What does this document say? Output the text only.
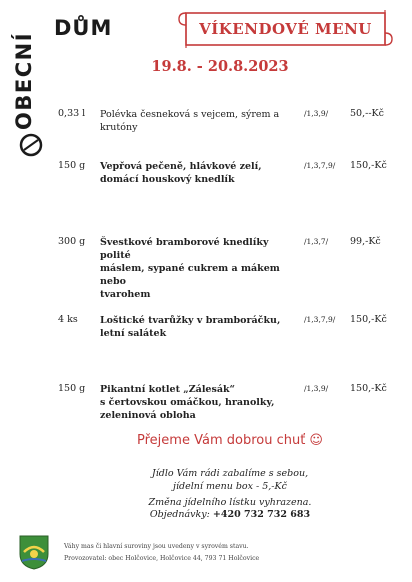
OBECNÍ
DŮM	VÍKENDOVÉ MENU
19.8. - 20.8.2023
0,33 l Polévka česneková s vejcem, sýrem a krutóny
/1,3,9/ 50,--Kč
150 g Vepřová pečeně, hlávkové zelí,
domácí houskový knedlík
/1,3,7,9/ 150,-Kč
300 g Švestkové bramborové knedlíky polité
máslem, sypané cukrem a mákem nebo
tvarohem
/1,3,7/ 99,-Kč
4 ks Loštické tvarůžky v bramboráčku,
letní salátek
/1,3,7,9/ 150,-Kč
150 g Pikantní kotlet „Zálesák“
s čertovskou omáčkou, hranolky,
zeleninová obloha
/1,3,9/ 150,-Kč
Přejeme Vám dobrou chuť ☺
Jídlo Vám rádi zabalíme s sebou,
jídelní menu box - 5,-Kč
Změna jídelního lístku vyhrazena.
Objednávky: +420 732 732 683
Váhy mas či hlavní suroviny jsou uvedeny v syrovém stavu.
Provozovatel: obec Holčovice, Holčovice 44, 793 71 Holčovice
